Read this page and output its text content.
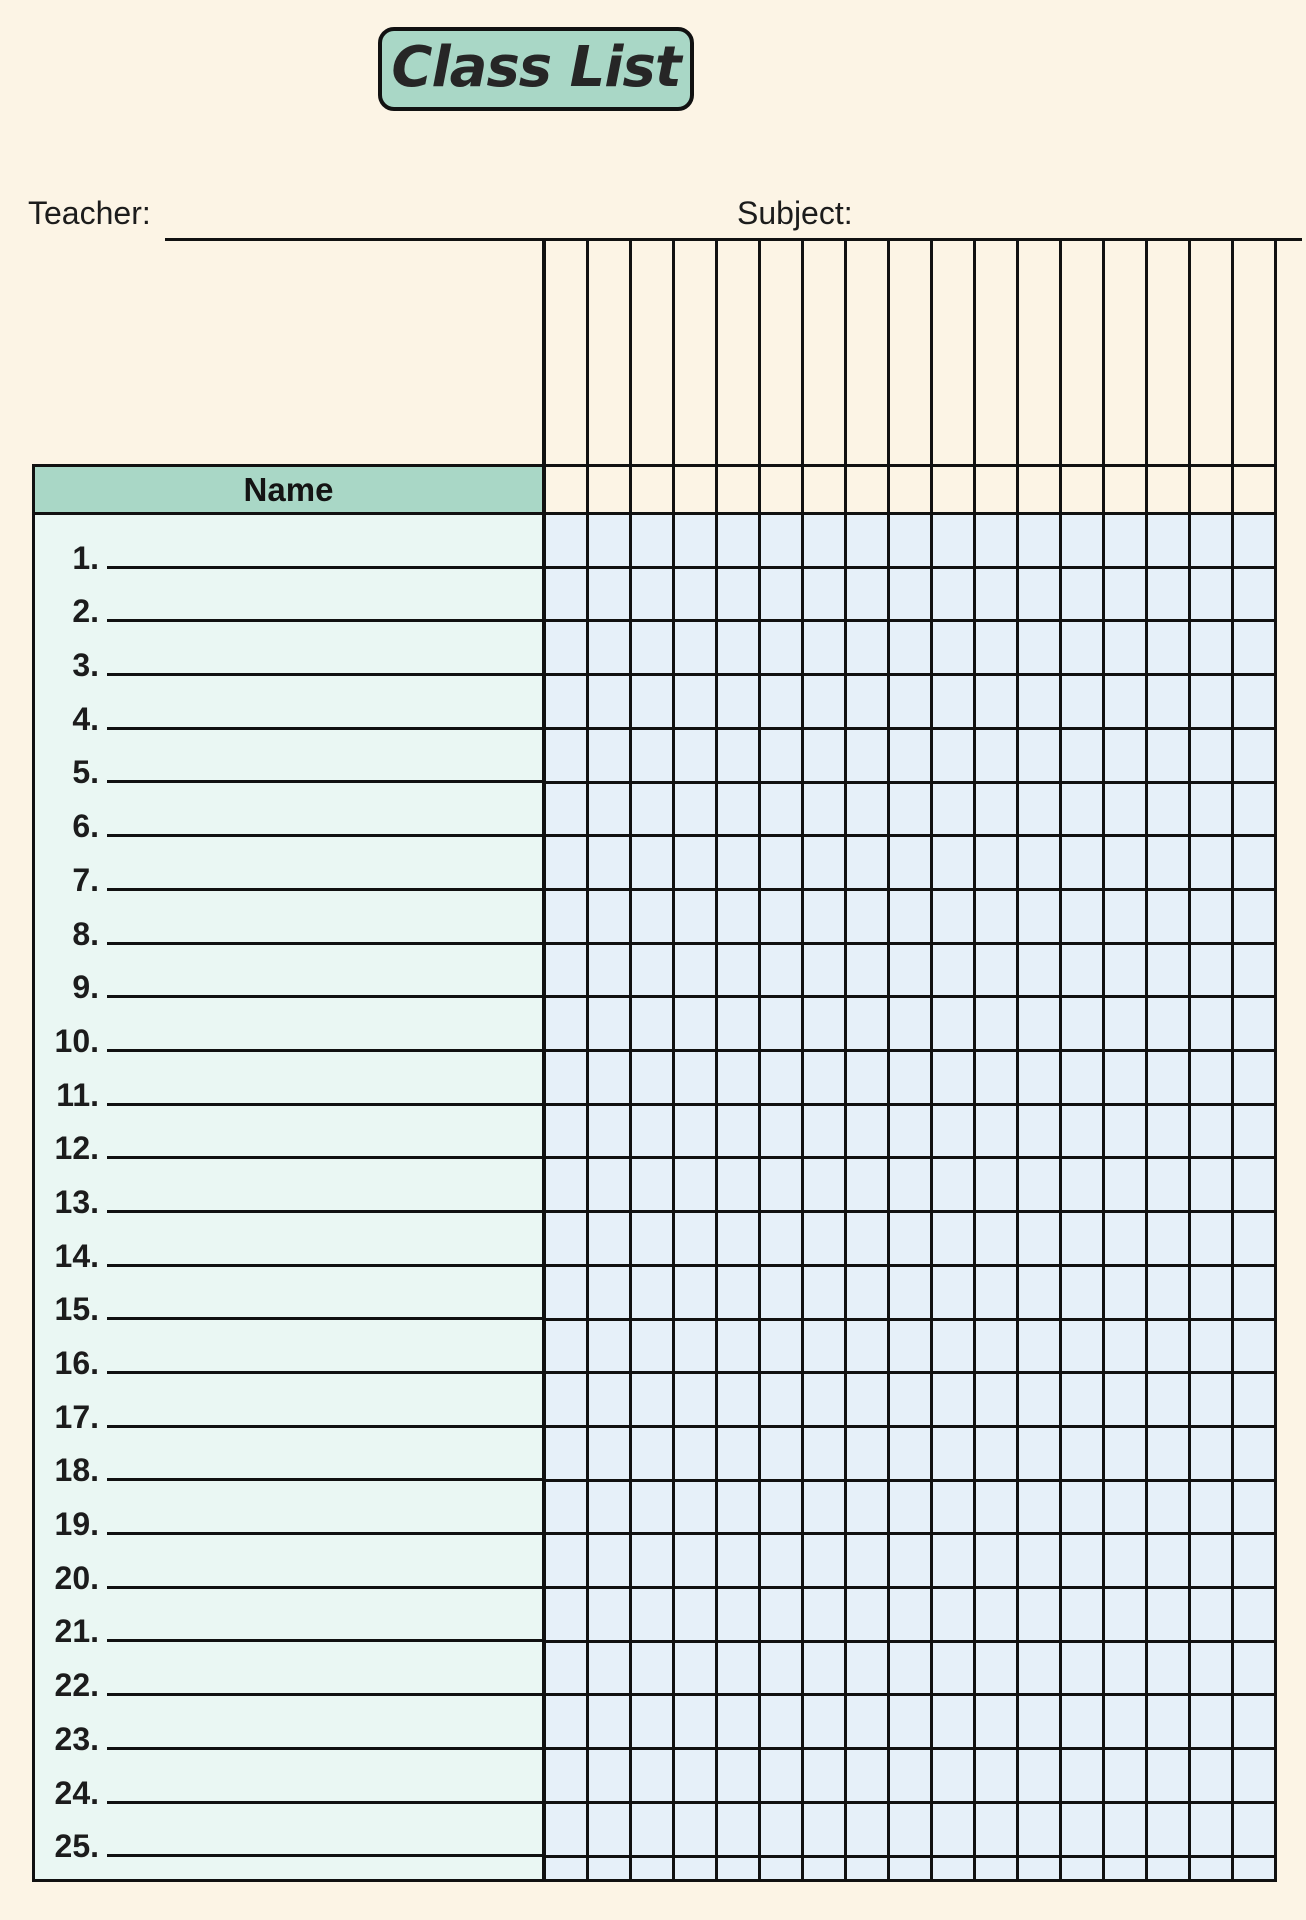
Class List
Teacher:	Subject:
Name
1.
2.
3.
4.
5.
6.
7.
8.
9.
10.
11.
12.
13.
14.
15.
16.
17.
18.
19.
20.
21.
22.
23.
24.
25.
